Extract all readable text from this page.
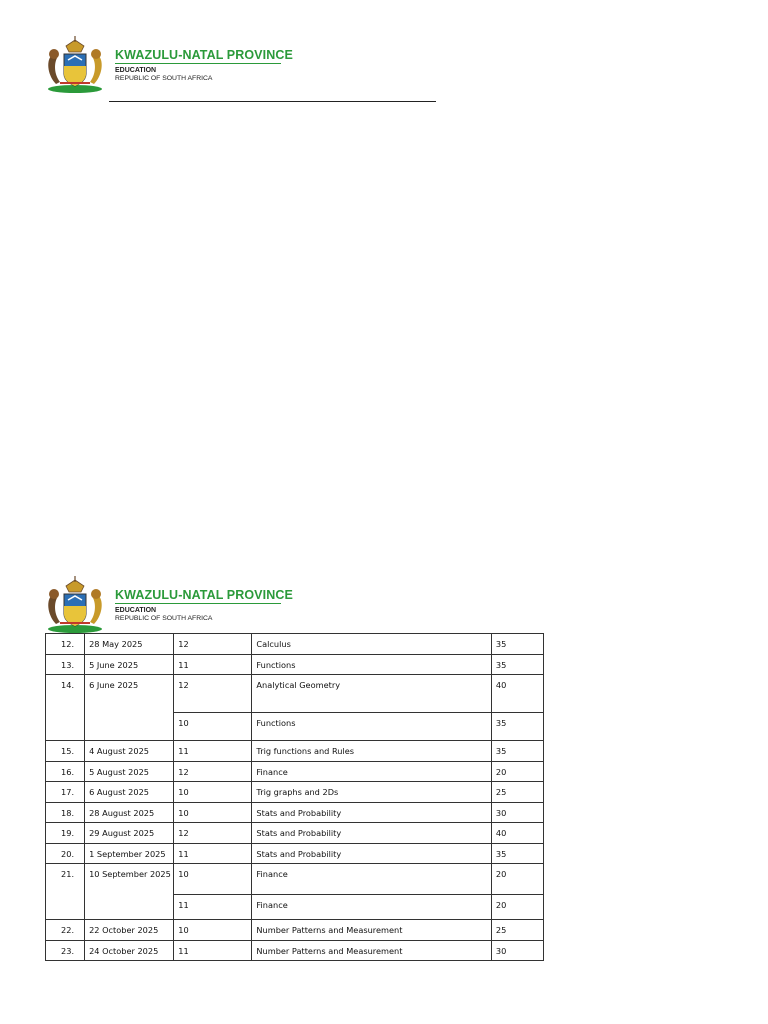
KWAZULU-NATAL PROVINCE
EDUCATION
REPUBLIC OF SOUTH AFRICA
KWAZULU-NATAL PROVINCE
EDUCATION
REPUBLIC OF SOUTH AFRICA
12.	28 May 2025	12	Calculus	35
13.	5 June 2025	11	Functions	35
14.	6 June 2025	12	Analytical Geometry	40
		10	Functions	35
15.	4 August 2025	11	Trig functions and Rules	35
16.	5 August 2025	12	Finance	20
17.	6 August 2025	10	Trig graphs and 2Ds	25
18.	28 August 2025	10	Stats and Probability	30
19.	29 August 2025	12	Stats and Probability	40
20.	1 September 2025	11	Stats and Probability	35
21.	10 September 2025	10	Finance	20
		11	Finance	20
22.	22 October 2025	10	Number Patterns and Measurement	25
23.	24 October 2025	11	Number Patterns and Measurement	30
